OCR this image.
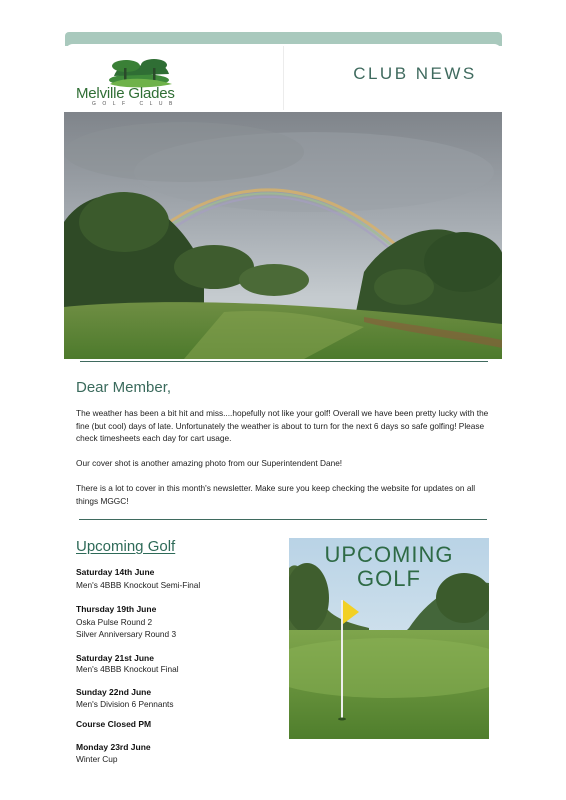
Melville Glades
GOLF CLUB
CLUB NEWS
Dear Member,
The weather has been a bit hit and miss....hopefully not like your golf! Overall we have been pretty lucky with the fine (but cool) days of late. Unfortunately the weather is about to turn for the next 6 days so safe golfing! Please check timesheets each day for cart usage.
Our cover shot is another amazing photo from our Superintendent Dane!
There is a lot to cover in this month's newsletter. Make sure you keep checking the website for updates on all things MGGC!
Upcoming Golf
Saturday 14th June
Men's 4BBB Knockout Semi-Final
Thursday 19th June
Oska Pulse Round 2
Silver Anniversary Round 3
Saturday 21st June
Men's 4BBB Knockout Final
Sunday 22nd June
Men's Division 6 Pennants
Course Closed PM
Monday 23rd June
Winter Cup
UPCOMING
GOLF
